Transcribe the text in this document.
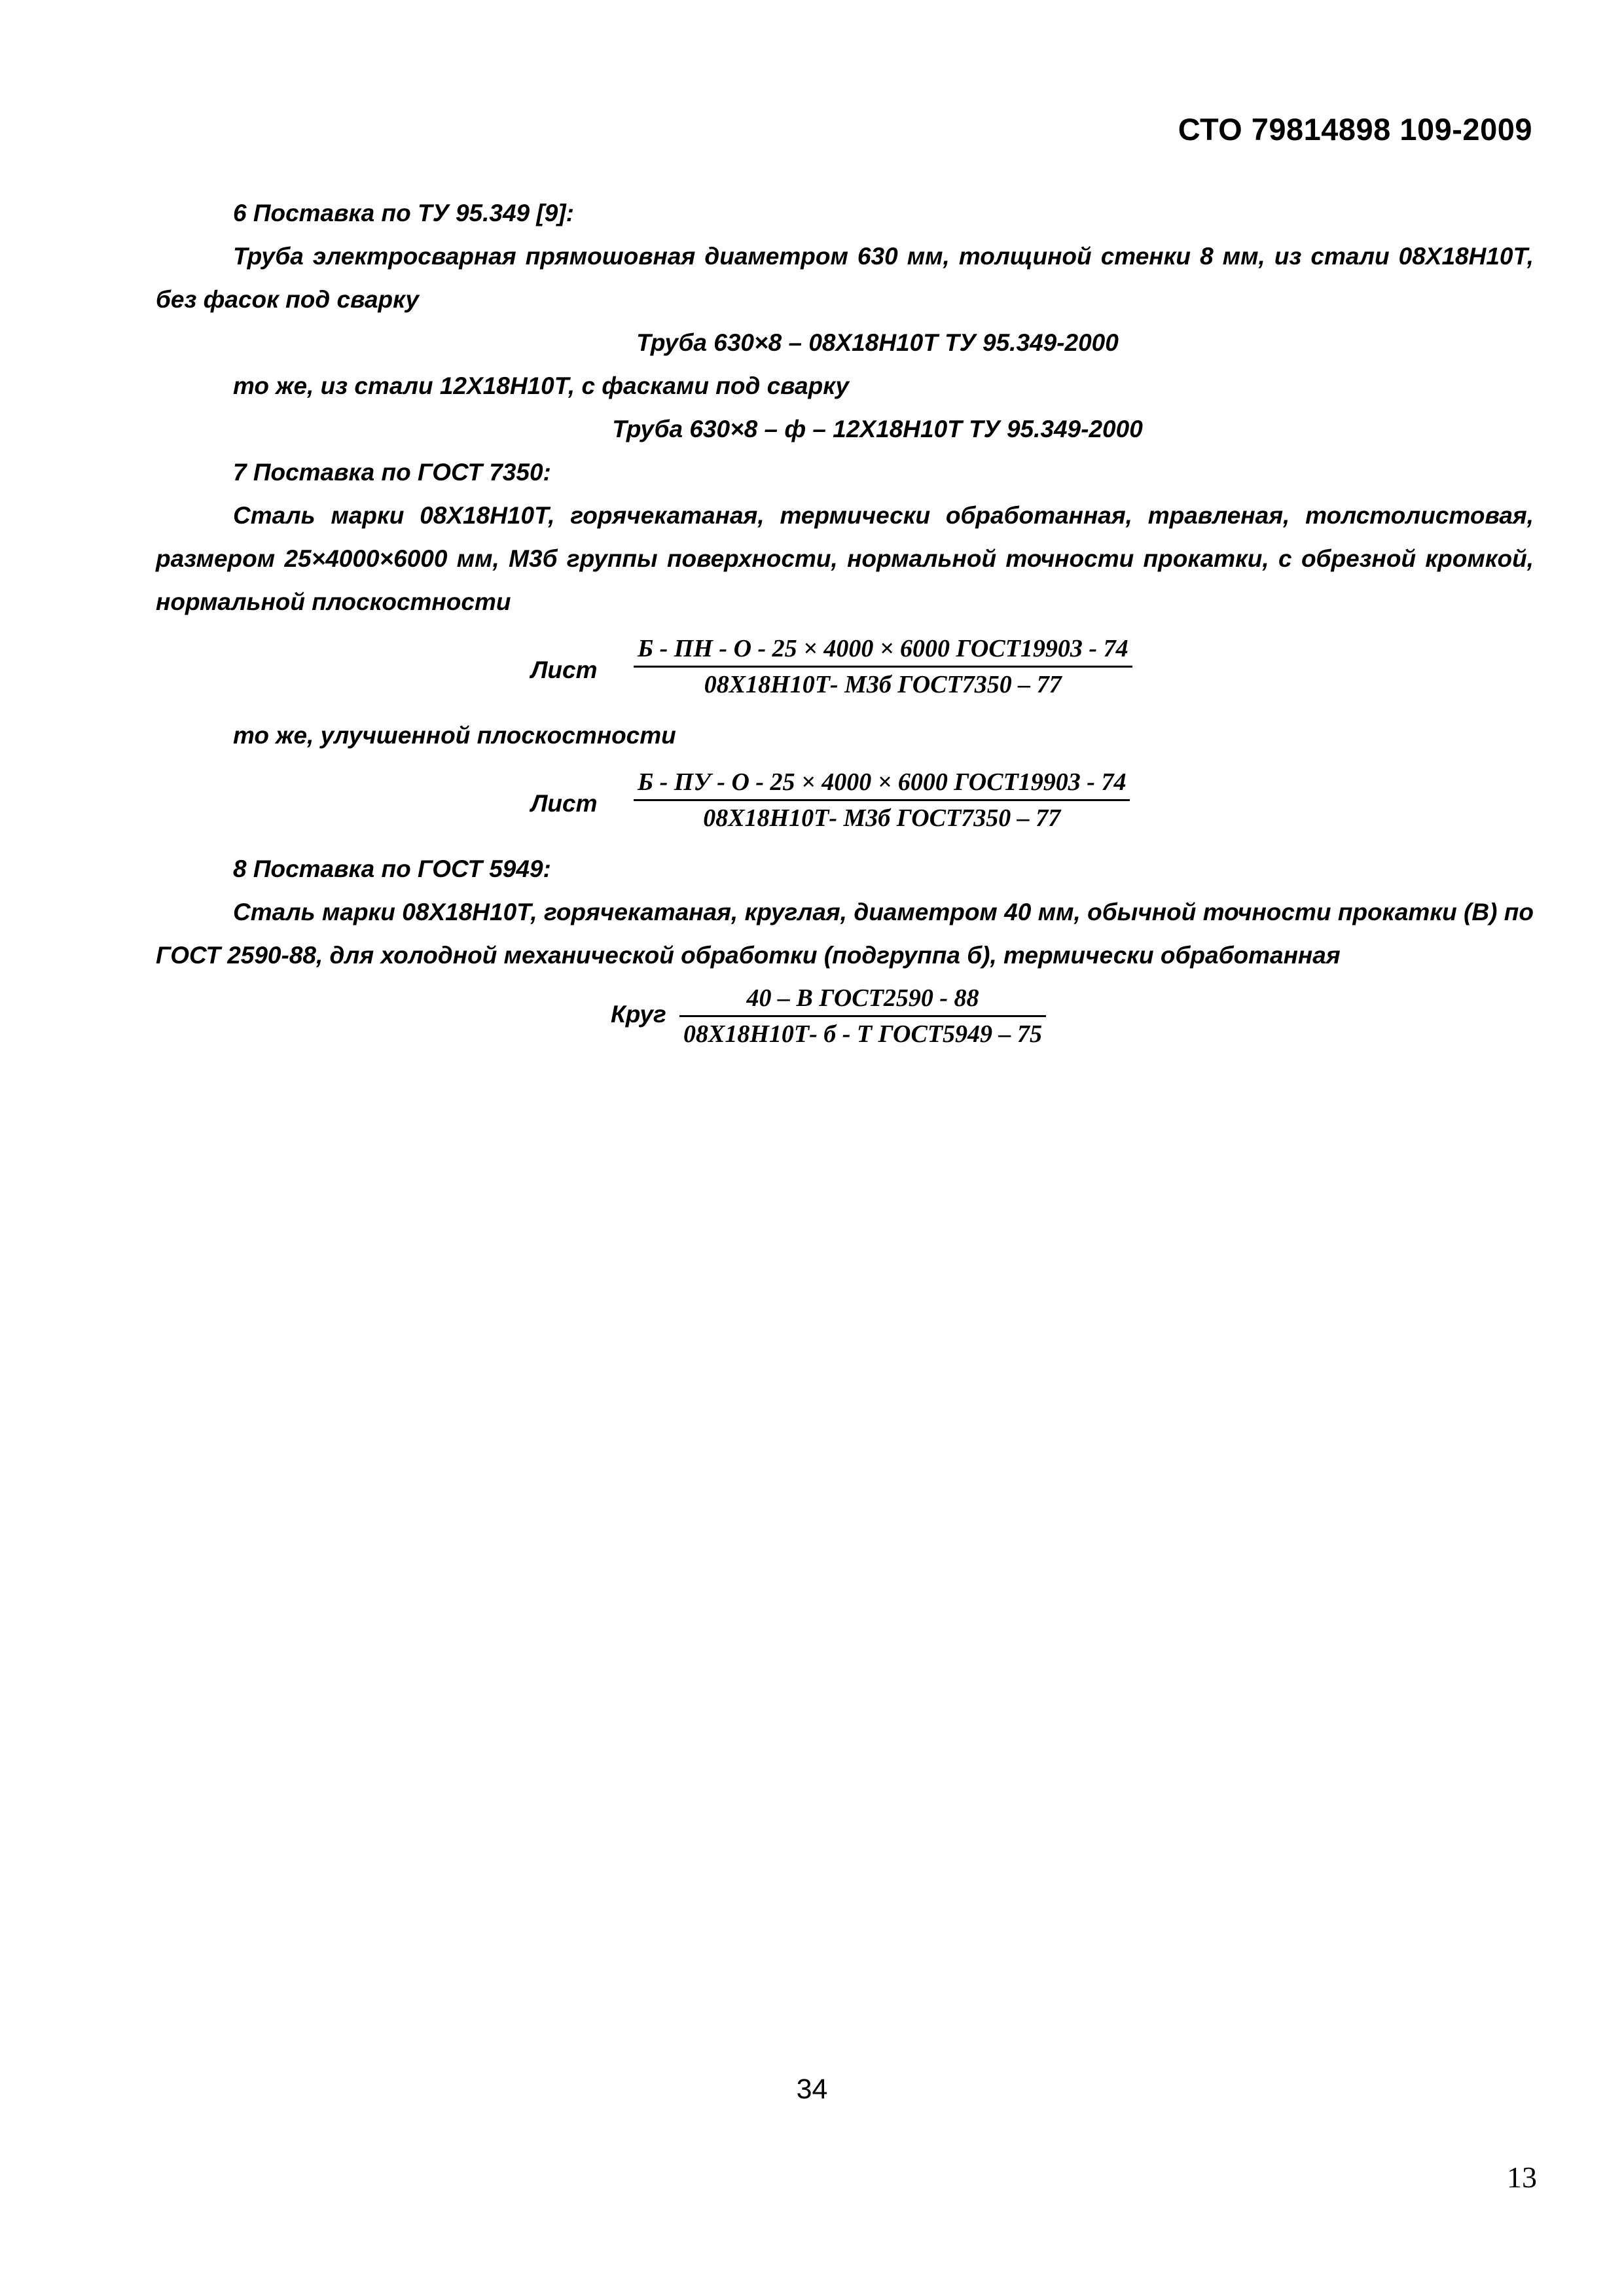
СТО 79814898 109-2009

6 Поставка по ТУ 95.349 [9]:

Труба электросварная прямошовная диаметром 630 мм, толщиной стенки 8 мм, из стали 08Х18Н10Т, без фасок под сварку

Труба 630×8 – 08Х18Н10Т ТУ 95.349-2000

то же, из стали 12Х18Н10Т, с фасками под сварку

Труба 630×8 – ф – 12Х18Н10Т ТУ 95.349-2000

7 Поставка по ГОСТ 7350:

Сталь марки 08Х18Н10Т, горячекатаная, термически обработанная, травленая, толстолистовая, размером 25×4000×6000 мм, М3б группы поверхности, нормальной точности прокатки, с обрезной кромкой, нормальной плоскостности

Лист
Б - ПН - О - 25 × 4000 × 6000 ГОСТ19903 - 74
08Х18Н10Т- М3б ГОСТ7350 – 77

то же, улучшенной плоскостности

Лист
Б - ПУ - О - 25 × 4000 × 6000 ГОСТ19903 - 74
08Х18Н10Т- М3б ГОСТ7350 – 77

8 Поставка по ГОСТ 5949:

Сталь марки 08Х18Н10Т, горячекатаная, круглая, диаметром 40 мм, обычной точности прокатки (В) по ГОСТ 2590-88, для холодной механической обработки (подгруппа б), термически обработанная

Круг
40 – В ГОСТ2590 - 88
08Х18Н10Т- б - Т ГОСТ5949 – 75
34
13
